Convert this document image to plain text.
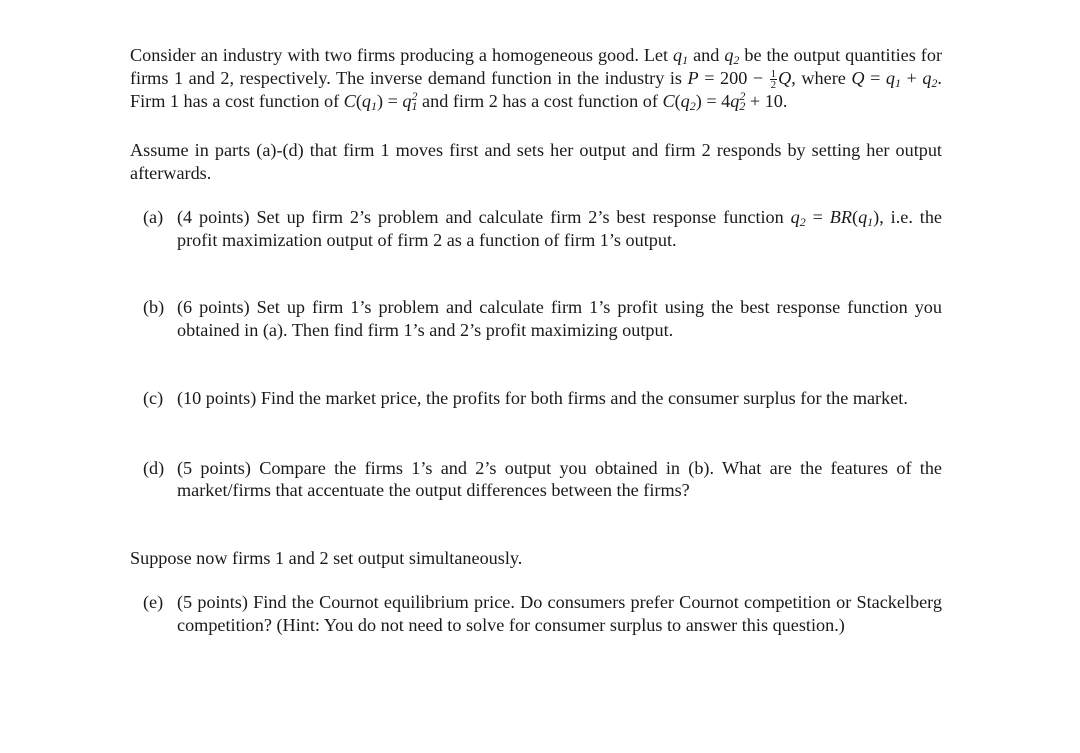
Consider an industry with two firms producing a homogeneous good. Let $q_1$ and $q_2$ be the output quantities for firms 1 and 2, respectively. The inverse demand function in the industry is $P = 200 - \frac{1}{2} Q$, where $Q = q_1 + q_2$. Firm 1 has a cost function of $C(q_1) = q^2_1$ and firm 2 has a cost function of $C(q_2) = 4q^2_2 + 10$.

Assume in parts (a)-(d) that firm 1 moves first and sets her output and firm 2 responds by setting her output afterwards.

(a) (4 points) Set up firm 2’s problem and calculate firm 2’s best response function $q_2 = BR(q_1)$, i.e. the profit maximization output of firm 2 as a function of firm 1’s output.
(b) (6 points) Set up firm 1’s problem and calculate firm 1’s profit using the best response function you obtained in (a). Then find firm 1’s and 2’s profit maximizing output.
(c) (10 points) Find the market price, the profits for both firms and the consumer surplus for the market.
(d) (5 points) Compare the firms 1’s and 2’s output you obtained in (b). What are the features of the market/firms that accentuate the output differences between the firms?

Suppose now firms 1 and 2 set output simultaneously.

(e) (5 points) Find the Cournot equilibrium price. Do consumers prefer Cournot competition or Stackelberg competition? (Hint: You do not need to solve for consumer surplus to answer this question.)
